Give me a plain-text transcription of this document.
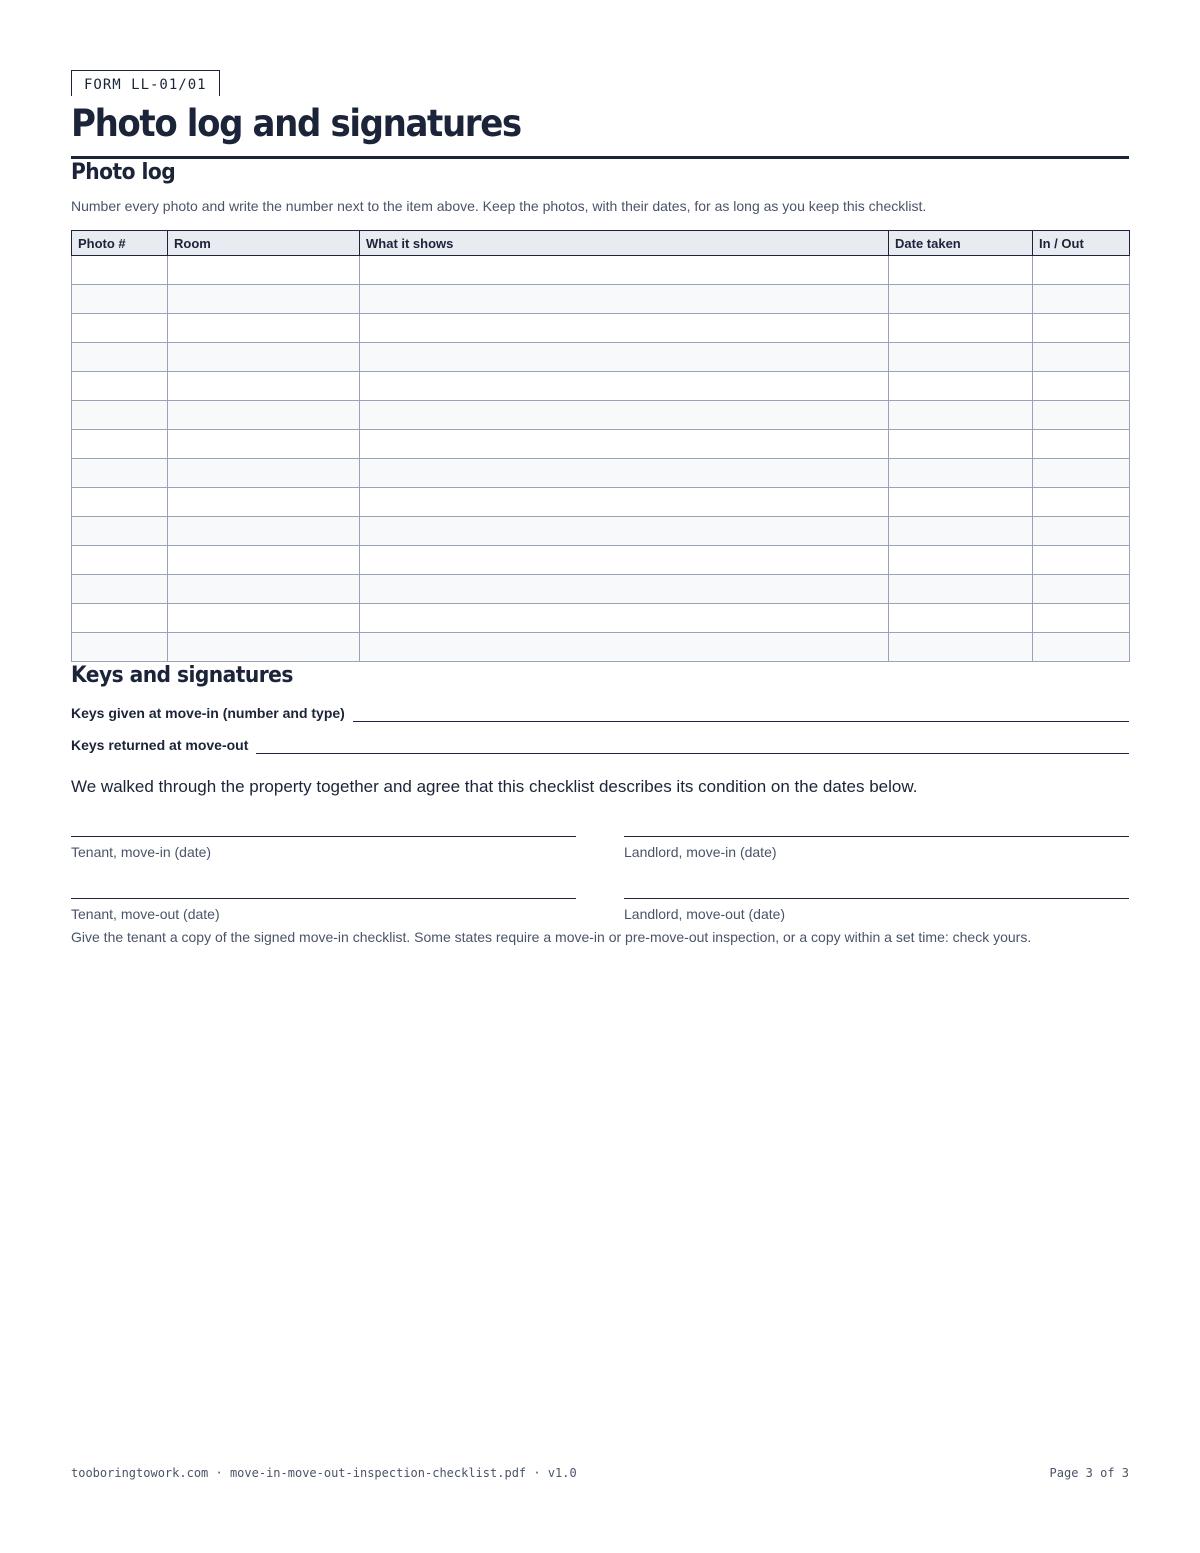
FORM LL-01/01
Photo log and signatures
Photo log
Number every photo and write the number next to the item above. Keep the photos, with their dates, for as long as you keep this checklist.
Photo #	Room	What it shows	Date taken	In / Out

Keys and signatures
Keys given at move-in (number and type)
Keys returned at move-out
We walked through the property together and agree that this checklist describes its condition on the dates below.
Tenant, move-in (date)	Landlord, move-in (date)
Tenant, move-out (date)	Landlord, move-out (date)
Give the tenant a copy of the signed move-in checklist. Some states require a move-in or pre-move-out inspection, or a copy within a set time: check yours.
tooboringtowork.com · move-in-move-out-inspection-checklist.pdf · v1.0	Page 3 of 3
